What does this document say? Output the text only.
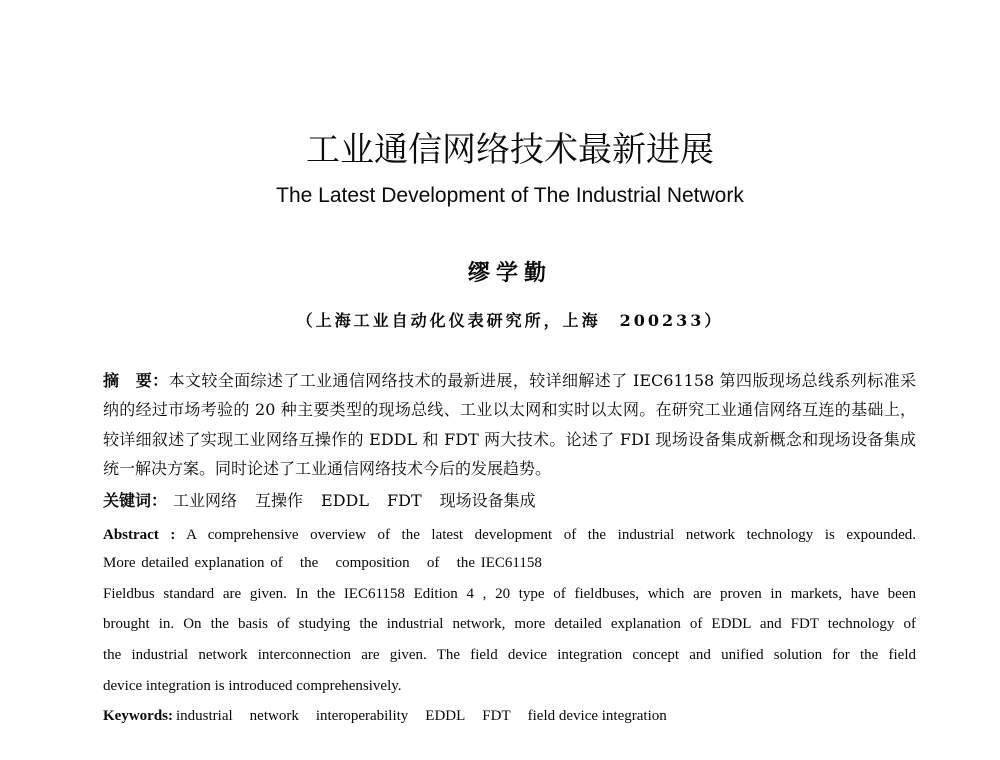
工业通信网络技术最新进展
The Latest Development of The Industrial Network
缪学勤
（上海工业自动化仪表研究所，上海　200233）
摘　要：本文较全面综述了工业通信网络技术的最新进展，较详细解述了 IEC61158 第四版现场总线系列标准采
纳的经过市场考验的 20 种主要类型的现场总线、工业以太网和实时以太网。在研究工业通信网络互连的基础上，
较详细叙述了实现工业网络互操作的 EDDL 和 FDT 两大技术。论述了 FDI 现场设备集成新概念和现场设备集成
统一解决方案。同时论述了工业通信网络技术今后的发展趋势。
关键词： 工业网络 互操作 EDDL FDT 现场设备集成
Abstract : A comprehensive overview of the latest development of the industrial network technology is expounded.
More detailed explanation of   the   composition   of   the IEC61158
Fieldbus standard are given. In the IEC61158 Edition 4 , 20 type of fieldbuses, which are proven in markets, have been
brought in. On the basis of studying the industrial network, more detailed explanation of EDDL and FDT technology of
the industrial network interconnection are given. The field device integration concept and unified solution for the field
device integration is introduced comprehensively.
Keywords: industrial network interoperability EDDL FDT field device integration
